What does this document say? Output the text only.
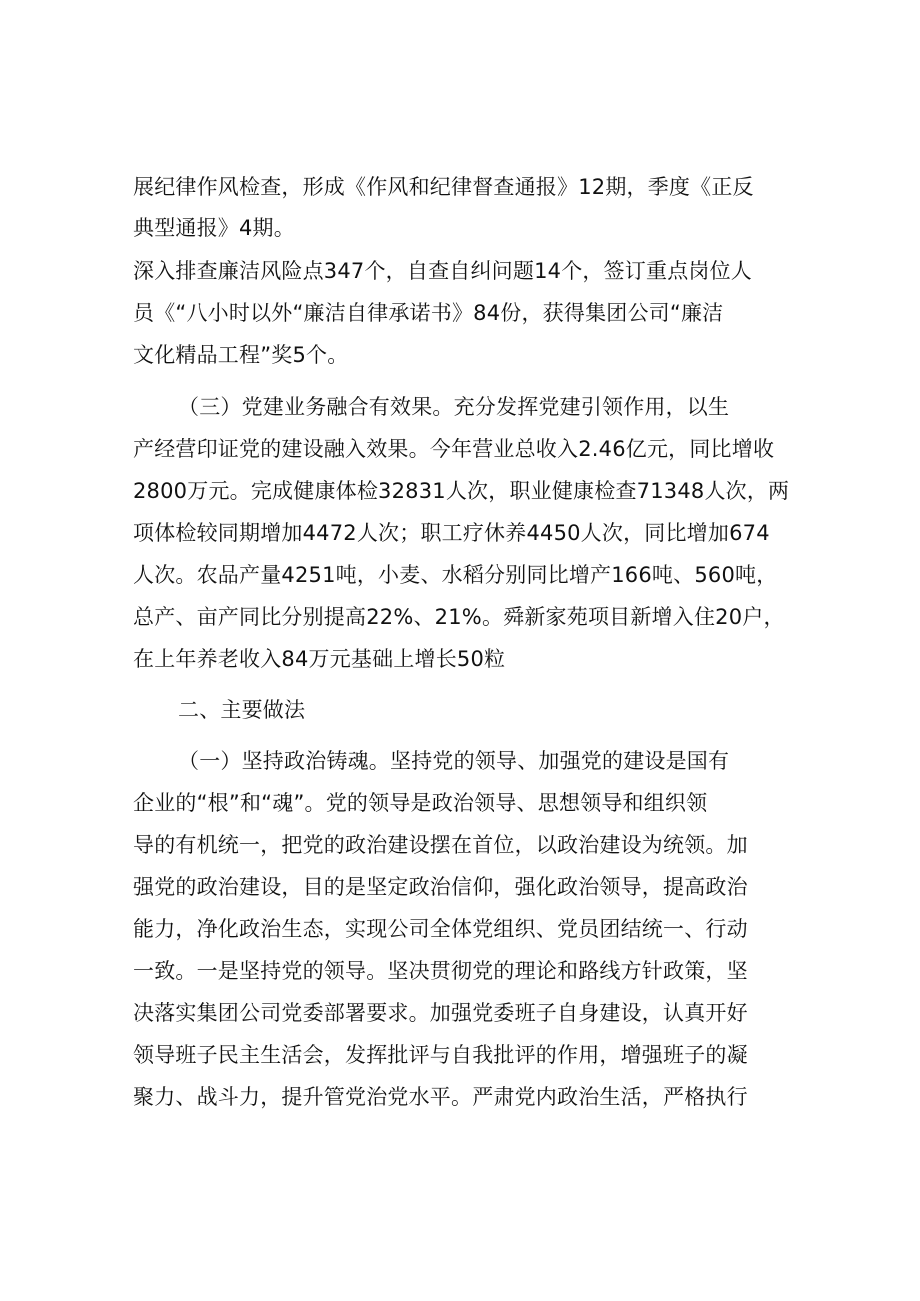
展纪律作风检查，形成《作风和纪律督查通报》12期，季度《正反
典型通报》4期。
深入排查廉洁风险点347个，自查自纠问题14个，签订重点岗位人
员《“八小时以外“廉洁自律承诺书》84份，获得集团公司“廉洁
文化精品工程”奖5个。
（三）党建业务融合有效果。充分发挥党建引领作用，以生
产经营印证党的建设融入效果。今年营业总收入2.46亿元，同比增收
2800万元。完成健康体检32831人次，职业健康检查71348人次，两
项体检较同期增加4472人次；职工疗休养4450人次，同比增加674
人次。农品产量4251吨，小麦、水稻分别同比增产166吨、560吨，
总产、亩产同比分别提高22%、21%。舜新家苑项目新增入住20户，
在上年养老收入84万元基础上增长50粒
二、主要做法
（一）坚持政治铸魂。坚持党的领导、加强党的建设是国有
企业的“根”和“魂”。党的领导是政治领导、思想领导和组织领
导的有机统一，把党的政治建设摆在首位，以政治建设为统领。加
强党的政治建设，目的是坚定政治信仰，强化政治领导，提高政治
能力，净化政治生态，实现公司全体党组织、党员团结统一、行动
一致。一是坚持党的领导。坚决贯彻党的理论和路线方针政策，坚
决落实集团公司党委部署要求。加强党委班子自身建设，认真开好
领导班子民主生活会，发挥批评与自我批评的作用，增强班子的凝
聚力、战斗力，提升管党治党水平。严肃党内政治生活，严格执行
